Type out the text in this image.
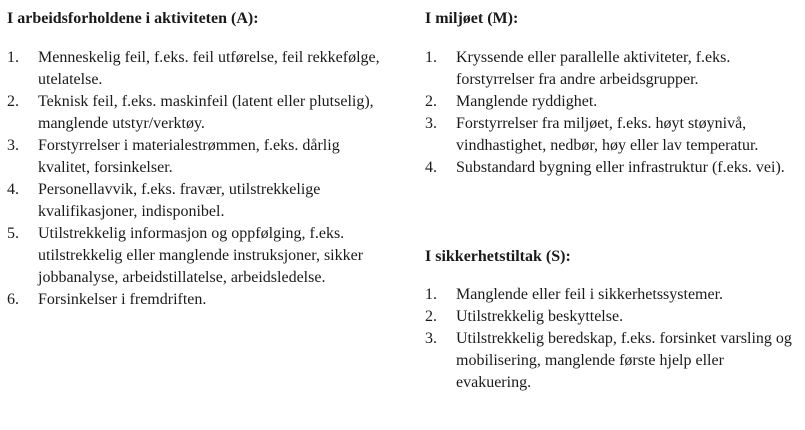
I arbeidsforholdene i aktiviteten (A):

1. Menneskelig feil, f.eks. feil utførelse, feil rekkefølge, utelatelse.
2. Teknisk feil, f.eks. maskinfeil (latent eller plutselig), manglende utstyr/verktøy.
3. Forstyrrelser i materialestrømmen, f.eks. dårlig kvalitet, forsinkelser.
4. Personellavvik, f.eks. fravær, utilstrekkelige kvalifikasjoner, indisponibel.
5. Utilstrekkelig informasjon og oppfølging, f.eks. utilstrekkelig eller manglende instruksjoner, sikker jobbanalyse, arbeidstillatelse, arbeidsledelse.
6. Forsinkelser i fremdriften.

I miljøet (M):

1. Kryssende eller parallelle aktiviteter, f.eks. forstyrrelser fra andre arbeidsgrupper.
2. Manglende ryddighet.
3. Forstyrrelser fra miljøet, f.eks. høyt støynivå, vindhastighet, nedbør, høy eller lav temperatur.
4. Substandard bygning eller infrastruktur (f.eks. vei).

I sikkerhetstiltak (S):

1. Manglende eller feil i sikkerhetssystemer.
2. Utilstrekkelig beskyttelse.
3. Utilstrekkelig beredskap, f.eks. forsinket varsling og mobilisering, manglende første hjelp eller evakuering.
